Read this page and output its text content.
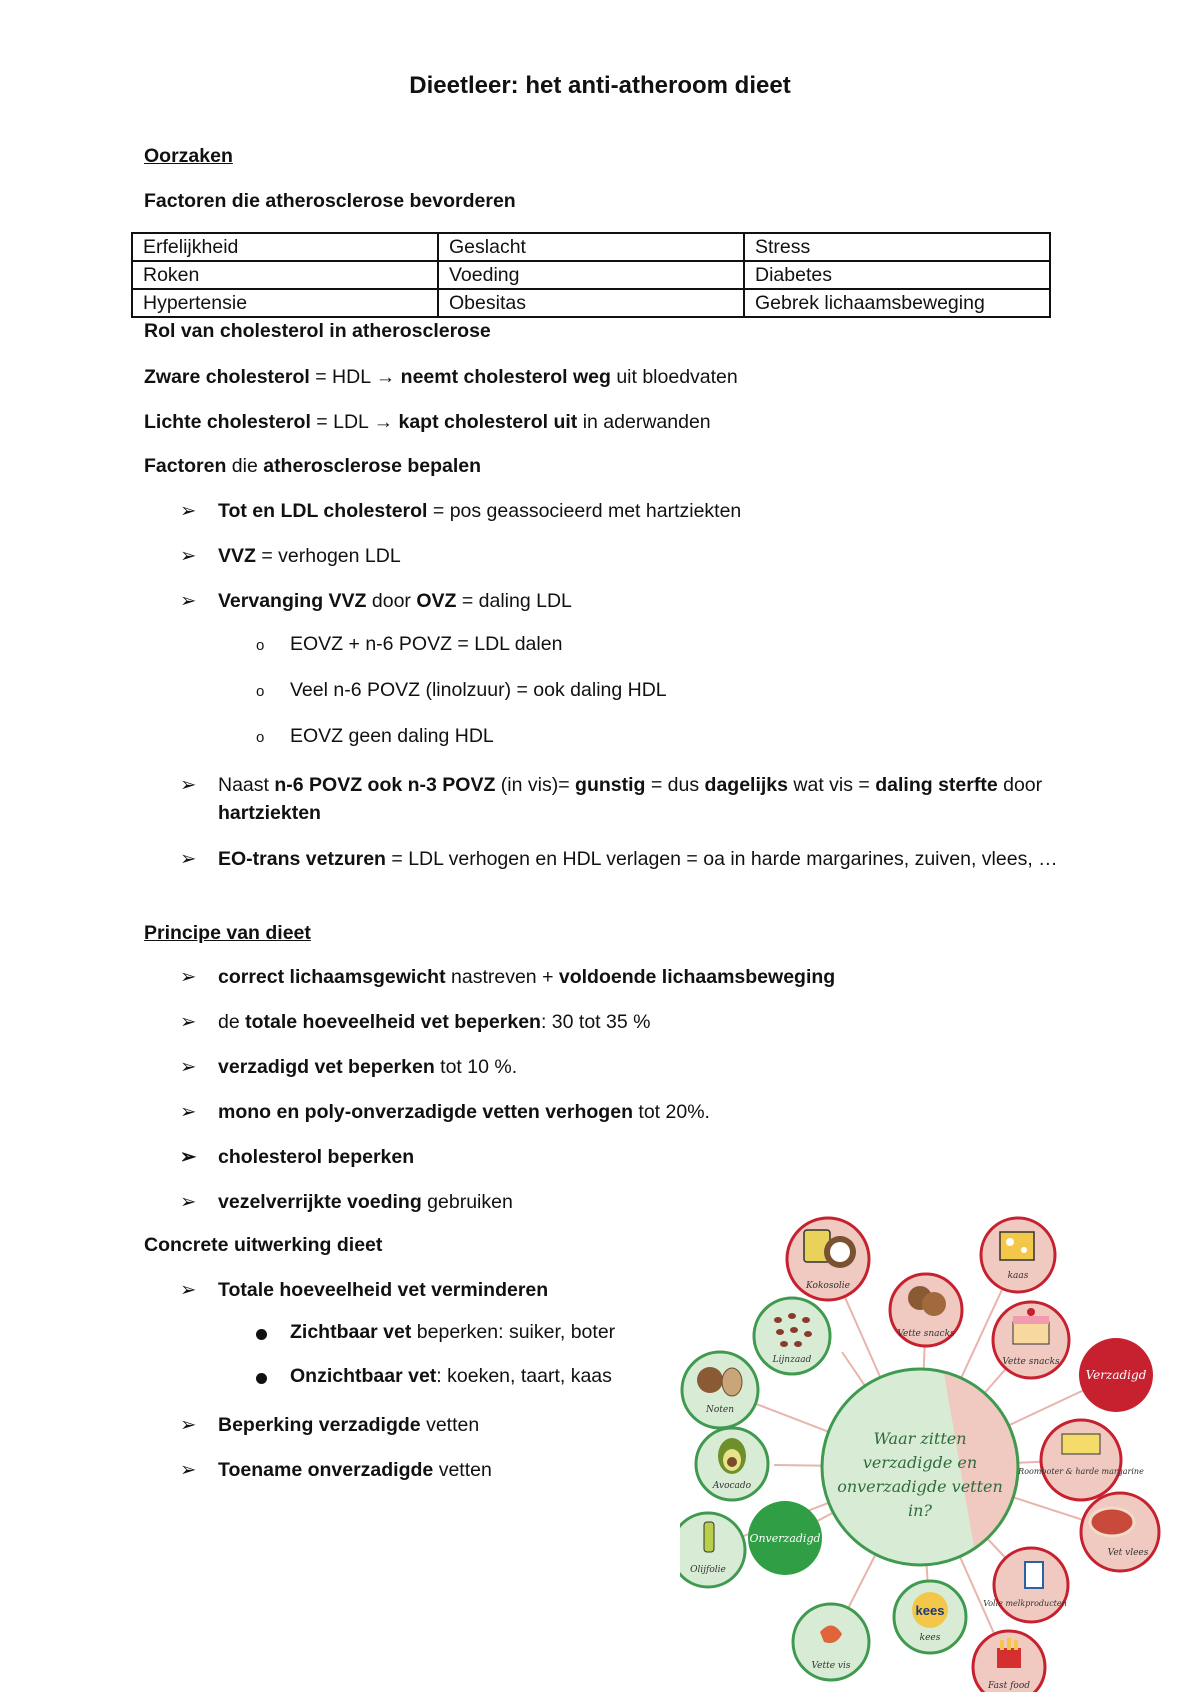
Dieetleer: het anti-atheroom dieet
Oorzaken
Factoren die atherosclerose bevorderen
Erfelijkheid	Geslacht	Stress
Roken	Voeding	Diabetes
Hypertensie	Obesitas	Gebrek lichaamsbeweging
Rol van cholesterol in atherosclerose
Zware cholesterol = HDL → neemt cholesterol weg uit bloedvaten
Lichte cholesterol = LDL → kapt cholesterol uit in aderwanden
Factoren die atherosclerose bepalen
➢ Tot en LDL cholesterol = pos geassocieerd met hartziekten
➢ VVZ = verhogen LDL
➢ Vervanging VVZ door OVZ = daling LDL
o EOVZ + n-6 POVZ = LDL dalen
o Veel n-6 POVZ (linolzuur) = ook daling HDL
o EOVZ geen daling HDL
➢ Naast n-6 POVZ ook n-3 POVZ (in vis)= gunstig = dus dagelijks wat vis = daling sterfte door hartziekten
➢ EO-trans vetzuren = LDL verhogen en HDL verlagen = oa in harde margarines, zuiven, vlees, …
Principe van dieet
➢ correct lichaamsgewicht nastreven + voldoende lichaamsbeweging
➢ de totale hoeveelheid vet beperken: 30 tot 35 %
➢ verzadigd vet beperken tot 10 %.
➢ mono en poly-onverzadigde vetten verhogen tot 20%.
➢ cholesterol beperken
➢ vezelverrijkte voeding gebruiken
Concrete uitwerking dieet
➢ Totale hoeveelheid vet verminderen
Zichtbaar vet beperken: suiker, boter
Onzichtbaar vet: koeken, taart, kaas
➢ Beperking verzadigde vetten
➢ Toename onverzadigde vetten
Waar zitten
verzadigde en
onverzadigde vetten
in?
Verzadigd
Onverzadigd
Kokosolie
Vette snacks
kaas
Vette snacks
Roomboter & harde margarine
Vet vlees
Volle melkproducten
Fast food
kees
kees
Vette vis
Olijfolie
Avocado
Noten
Lijnzaad
